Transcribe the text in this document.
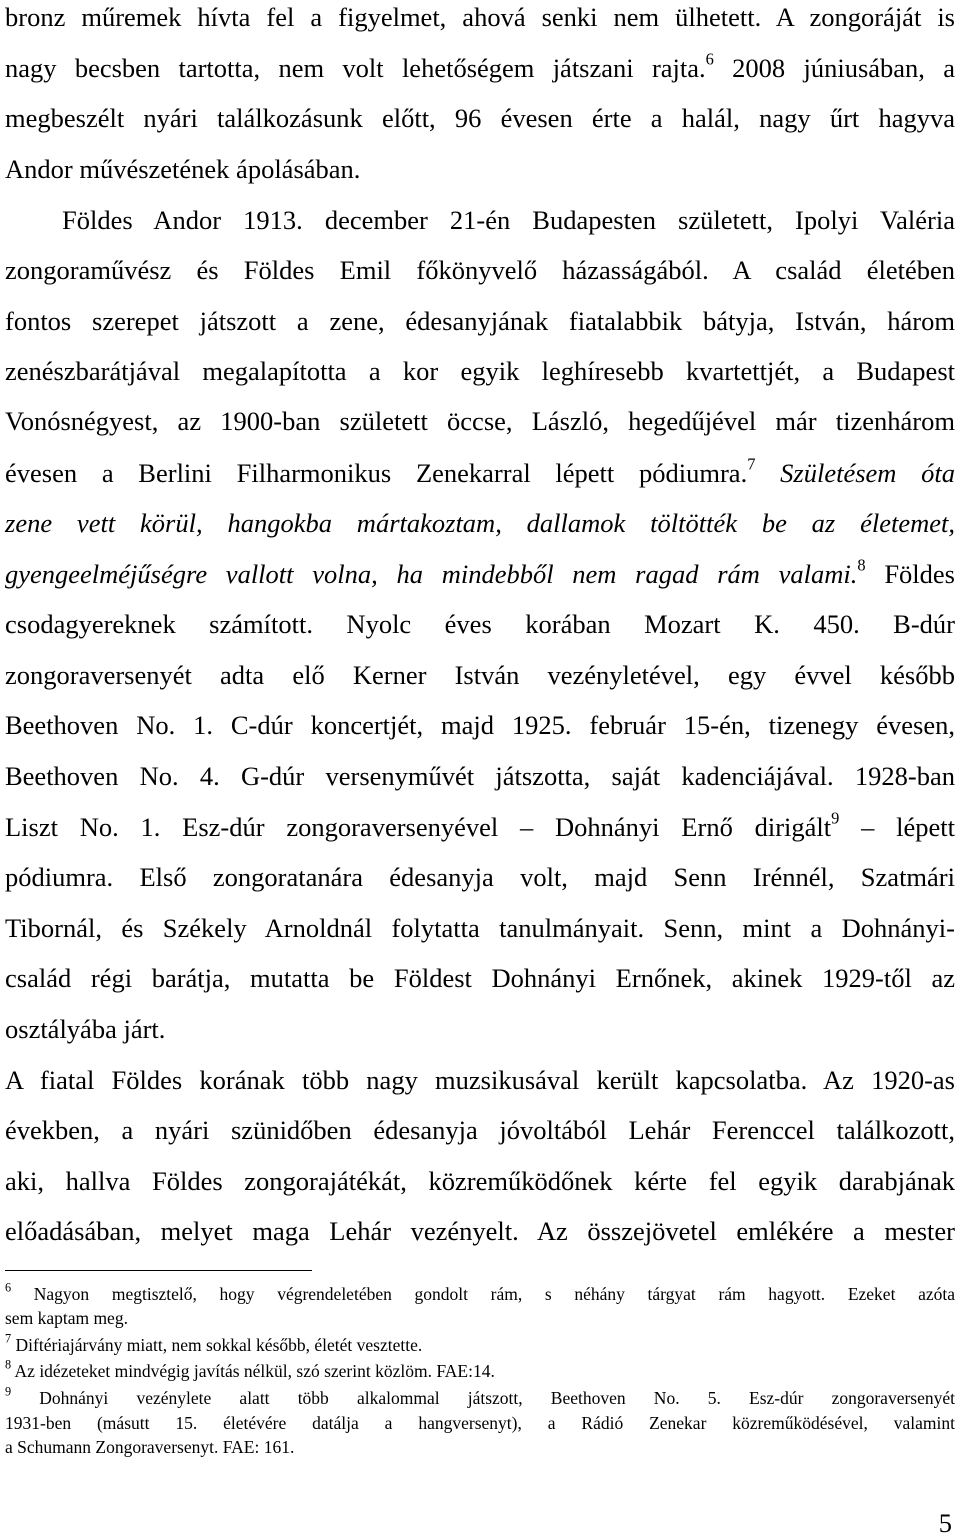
bronz műremek hívta fel a figyelmet, ahová senki nem ülhetett. A zongoráját is
nagy becsben tartotta, nem volt lehetőségem játszani rajta.$^6$ 2008 júniusában, a
megbeszélt nyári találkozásunk előtt, 96 évesen érte a halál, nagy űrt hagyva
Andor művészetének ápolásában.
Földes Andor 1913. december 21-én Budapesten született, Ipolyi Valéria
zongoraművész és Földes Emil főkönyvelő házasságából. A család életében
fontos szerepet játszott a zene, édesanyjának fiatalabbik bátyja, István, három
zenészbarátjával megalapította a kor egyik leghíresebb kvartettjét, a Budapest
Vonósnégyest, az 1900-ban született öccse, László, hegedűjével már tizenhárom
évesen a Berlini Filharmonikus Zenekarral lépett pódiumra.$^7$ Születésem óta
zene vett körül, hangokba mártakoztam, dallamok töltötték be az életemet,
gyengeelméjűségre vallott volna, ha mindebből nem ragad rám valami.$^8$ Földes
csodagyereknek számított. Nyolc éves korában Mozart K. 450. B-dúr
zongoraversenyét adta elő Kerner István vezényletével, egy évvel később
Beethoven No. 1. C-dúr koncertjét, majd 1925. február 15-én, tizenegy évesen,
Beethoven No. 4. G-dúr versenyművét játszotta, saját kadenciájával. 1928-ban
Liszt No. 1. Esz-dúr zongoraversenyével – Dohnányi Ernő dirigált$^9$ – lépett
pódiumra. Első zongoratanára édesanyja volt, majd Senn Irénnél, Szatmári
Tibornál, és Székely Arnoldnál folytatta tanulmányait. Senn, mint a Dohnányi-
család régi barátja, mutatta be Földest Dohnányi Ernőnek, akinek 1929-től az
osztályába járt.
A fiatal Földes korának több nagy muzsikusával került kapcsolatba. Az 1920-as
években, a nyári szünidőben édesanyja jóvoltából Lehár Ferenccel találkozott,
aki, hallva Földes zongorajátékát, közreműködőnek kérte fel egyik darabjának
előadásában, melyet maga Lehár vezényelt. Az összejövetel emlékére a mester
$^6$ Nagyon megtisztelő, hogy végrendeletében gondolt rám, s néhány tárgyat rám hagyott. Ezeket azóta
sem kaptam meg.
$^7$ Diftériajárvány miatt, nem sokkal később, életét vesztette.
$^8$ Az idézeteket mindvégig javítás nélkül, szó szerint közlöm. FAE:14.
$^9$ Dohnányi vezénylete alatt több alkalommal játszott, Beethoven No. 5. Esz-dúr zongoraversenyét
1931-ben (másutt 15. életévére datálja a hangversenyt), a Rádió Zenekar közreműködésével, valamint
a Schumann Zongoraversenyt. FAE: 161.
5
